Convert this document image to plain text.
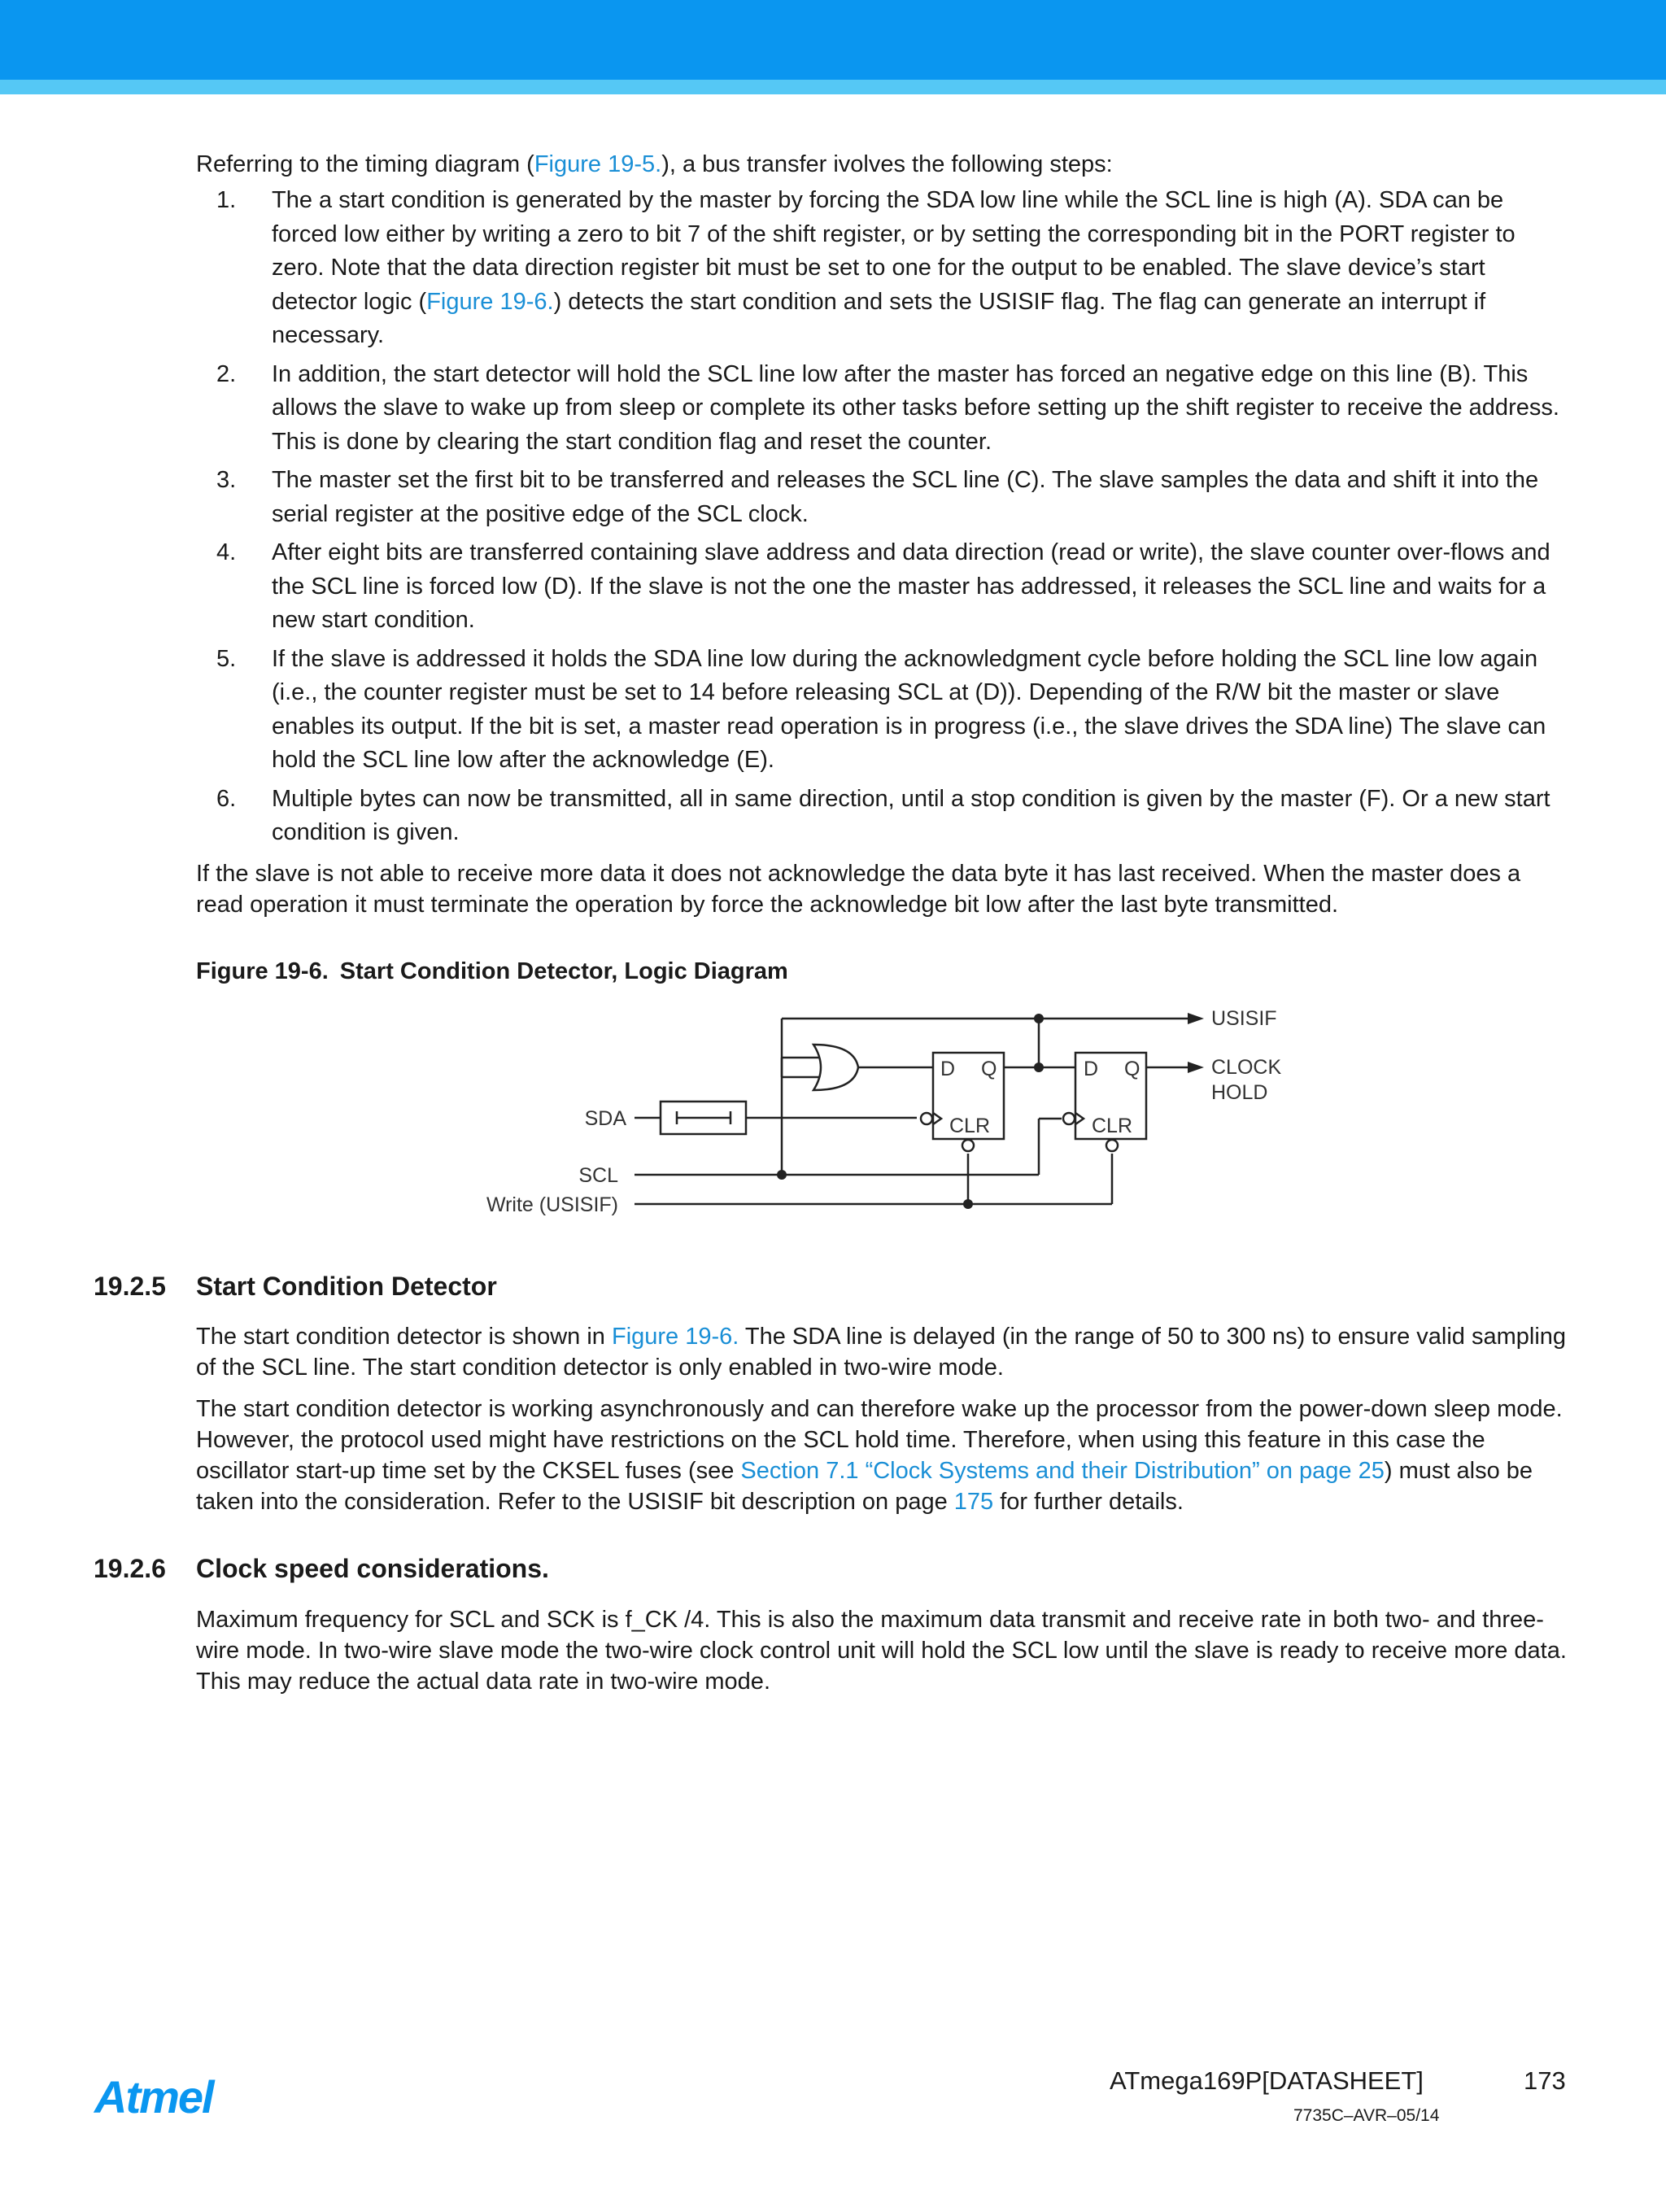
Referring to the timing diagram (Figure 19-5.), a bus transfer ivolves the following steps:

1. The a start condition is generated by the master by forcing the SDA low line while the SCL line is high (A). SDA can be forced low either by writing a zero to bit 7 of the shift register, or by setting the corresponding bit in the PORT register to zero. Note that the data direction register bit must be set to one for the output to be enabled. The slave device’s start detector logic (Figure 19-6.) detects the start condition and sets the USISIF flag. The flag can generate an interrupt if necessary.
2. In addition, the start detector will hold the SCL line low after the master has forced an negative edge on this line (B). This allows the slave to wake up from sleep or complete its other tasks before setting up the shift register to receive the address. This is done by clearing the start condition flag and reset the counter.
3. The master set the first bit to be transferred and releases the SCL line (C). The slave samples the data and shift it into the serial register at the positive edge of the SCL clock.
4. After eight bits are transferred containing slave address and data direction (read or write), the slave counter over-flows and the SCL line is forced low (D). If the slave is not the one the master has addressed, it releases the SCL line and waits for a new start condition.
5. If the slave is addressed it holds the SDA line low during the acknowledgment cycle before holding the SCL line low again (i.e., the counter register must be set to 14 before releasing SCL at (D)). Depending of the R/W bit the master or slave enables its output. If the bit is set, a master read operation is in progress (i.e., the slave drives the SDA line) The slave can hold the SCL line low after the acknowledge (E).
6. Multiple bytes can now be transmitted, all in same direction, until a stop condition is given by the master (F). Or a new start condition is given.

If the slave is not able to receive more data it does not acknowledge the data byte it has last received. When the master does a read operation it must terminate the operation by force the acknowledge bit low after the last byte transmitted.

Figure 19-6. Start Condition Detector, Logic Diagram
USISIF
CLOCK
HOLD
SDA
SCL
Write (USISIF)
D Q
CLR
D Q
CLR
19.2.5 Start Condition Detector

The start condition detector is shown in Figure 19-6. The SDA line is delayed (in the range of 50 to 300 ns) to ensure valid sampling of the SCL line. The start condition detector is only enabled in two-wire mode.

The start condition detector is working asynchronously and can therefore wake up the processor from the power-down sleep mode. However, the protocol used might have restrictions on the SCL hold time. Therefore, when using this feature in this case the oscillator start-up time set by the CKSEL fuses (see Section 7.1 “Clock Systems and their Distribution” on page 25) must also be taken into the consideration. Refer to the USISIF bit description on page 175 for further details.

19.2.6 Clock speed considerations.

Maximum frequency for SCL and SCK is f_CK /4. This is also the maximum data transmit and receive rate in both two- and three-wire mode. In two-wire slave mode the two-wire clock control unit will hold the SCL low until the slave is ready to receive more data. This may reduce the actual data rate in two-wire mode.

Atmel	ATmega169P[DATASHEET]	173
7735C–AVR–05/14
